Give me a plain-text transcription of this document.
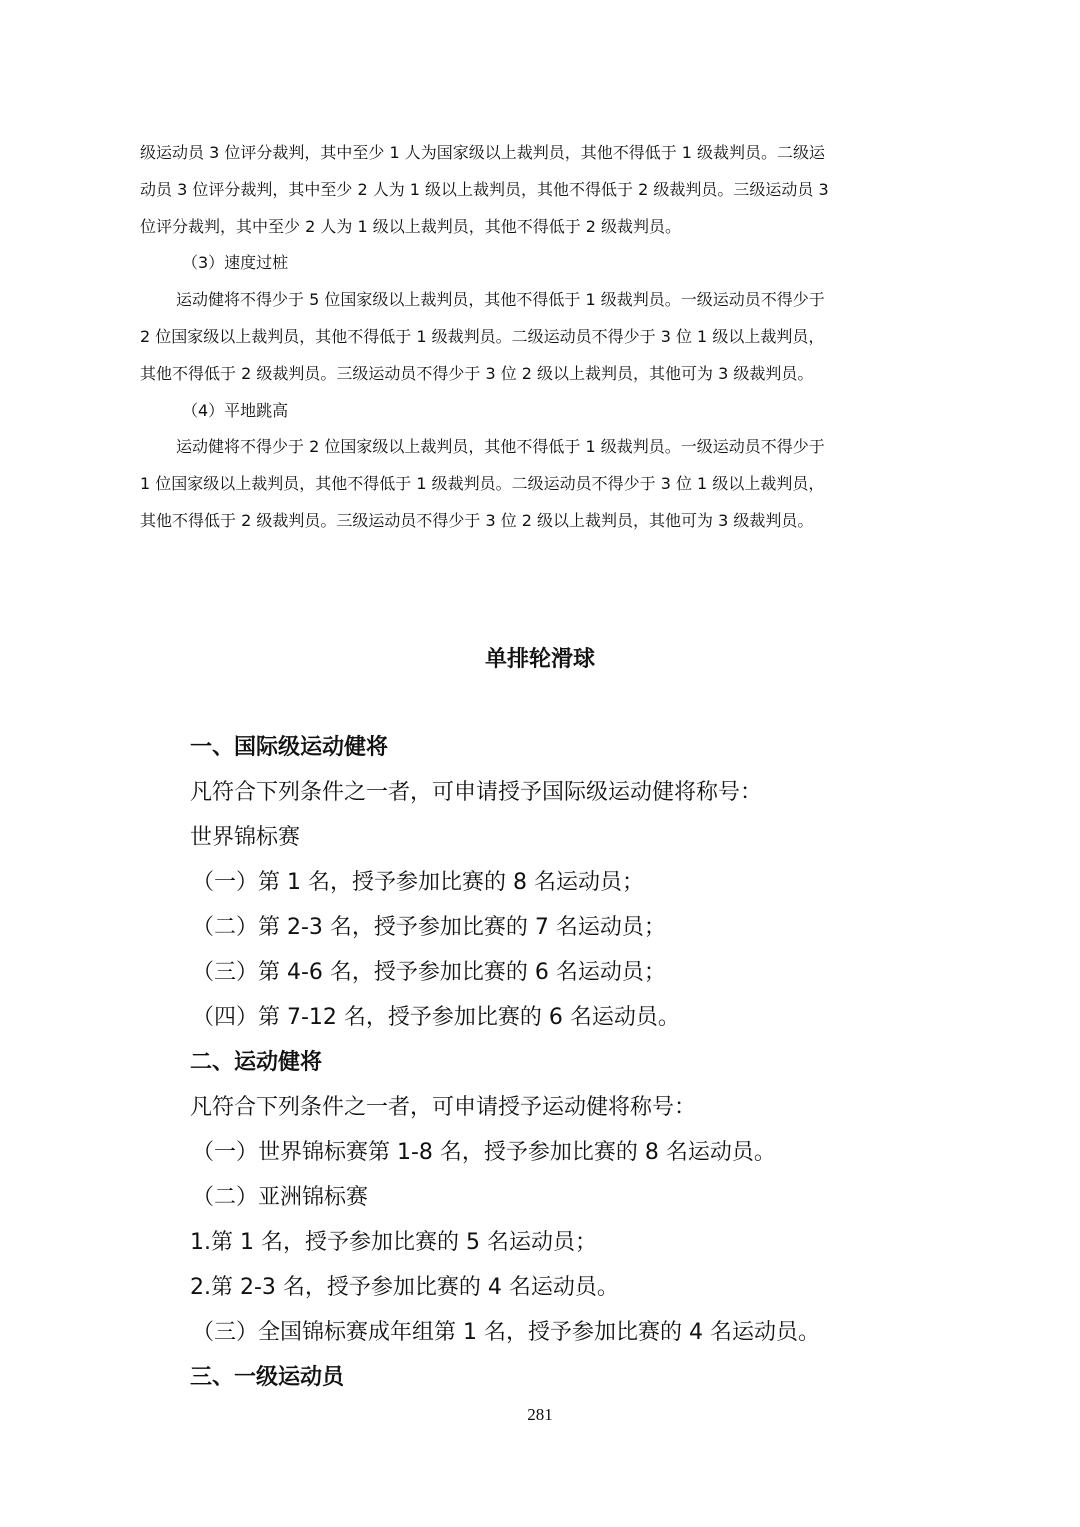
级运动员 3 位评分裁判，其中至少 1 人为国家级以上裁判员，其他不得低于 1 级裁判员。二级运

动员 3 位评分裁判，其中至少 2 人为 1 级以上裁判员，其他不得低于 2 级裁判员。三级运动员 3

位评分裁判，其中至少 2 人为 1 级以上裁判员，其他不得低于 2 级裁判员。

（3）速度过桩

运动健将不得少于 5 位国家级以上裁判员，其他不得低于 1 级裁判员。一级运动员不得少于

2 位国家级以上裁判员，其他不得低于 1 级裁判员。二级运动员不得少于 3 位 1 级以上裁判员，

其他不得低于 2 级裁判员。三级运动员不得少于 3 位 2 级以上裁判员，其他可为 3 级裁判员。

（4）平地跳高

运动健将不得少于 2 位国家级以上裁判员，其他不得低于 1 级裁判员。一级运动员不得少于

1 位国家级以上裁判员，其他不得低于 1 级裁判员。二级运动员不得少于 3 位 1 级以上裁判员，

其他不得低于 2 级裁判员。三级运动员不得少于 3 位 2 级以上裁判员，其他可为 3 级裁判员。

单排轮滑球

一、国际级运动健将

凡符合下列条件之一者，可申请授予国际级运动健将称号：

世界锦标赛

（一）第 1 名，授予参加比赛的 8 名运动员；

（二）第 2-3 名，授予参加比赛的 7 名运动员；

（三）第 4-6 名，授予参加比赛的 6 名运动员；

（四）第 7-12 名，授予参加比赛的 6 名运动员。

二、运动健将

凡符合下列条件之一者，可申请授予运动健将称号：

（一）世界锦标赛第 1-8 名，授予参加比赛的 8 名运动员。

（二）亚洲锦标赛

1.第 1 名，授予参加比赛的 5 名运动员；

2.第 2-3 名，授予参加比赛的 4 名运动员。

（三）全国锦标赛成年组第 1 名，授予参加比赛的 4 名运动员。

三、一级运动员

281
